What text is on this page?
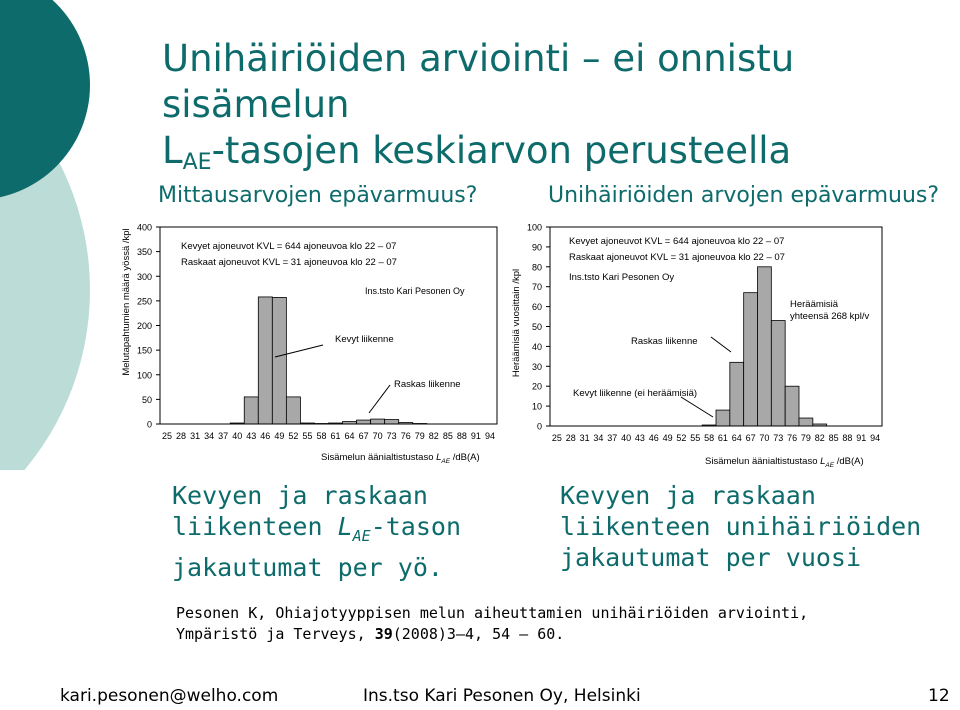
Unihäiriöiden arviointi – ei onnistu sisämelun
$L_{AE}$-tasojen keskiarvon perusteella
Mittausarvojen epävarmuus?	Unihäiriöiden arvojen epävarmuus?
Melutapahtumien määrä yössä /kpl
0
50
100
150
200
250
300
350
400
25 28 31 34 37 40 43 46 49 52 55 58 61 64 67 70 73 76 79 82 85 88 91 94
Kevyet ajoneuvot KVL = 644 ajoneuvoa klo 22 – 07
Raskaat ajoneuvot KVL = 31 ajoneuvoa klo 22 – 07
Ins.tsto Kari Pesonen Oy
Kevyt liikenne
Raskas liikenne
Sisämelun äänialtistustaso $L_{AE}$ /dB(A)
Heräämisiä vuosittain /kpl
0
10
20
30
40
50
60
70
80
90
100
25 28 31 34 37 40 43 46 49 52 55 58 61 64 67 70 73 76 79 82 85 88 91 94
Kevyet ajoneuvot KVL = 644 ajoneuvoa klo 22 – 07
Raskaat ajoneuvot KVL = 31 ajoneuvoa klo 22 – 07
Ins.tsto Kari Pesonen Oy
Raskas liikenne
Kevyt liikenne (ei heräämisiä)
Heräämisiä
yhteensä 268 kpl/v
Sisämelun äänialtistustaso $L_{AE}$ /dB(A)
Kevyen ja raskaan
liikenteen $L_{AE}$-tason
jakautumat per yö.
Kevyen ja raskaan
liikenteen unihäiriöiden
jakautumat per vuosi
Pesonen K, Ohiajotyyppisen melun aiheuttamien unihäiriöiden arviointi,
Ympäristö ja Terveys, 39(2008)3–4, 54 – 60.
kari.pesonen@welho.com	Ins.tso Kari Pesonen Oy, Helsinki	12
